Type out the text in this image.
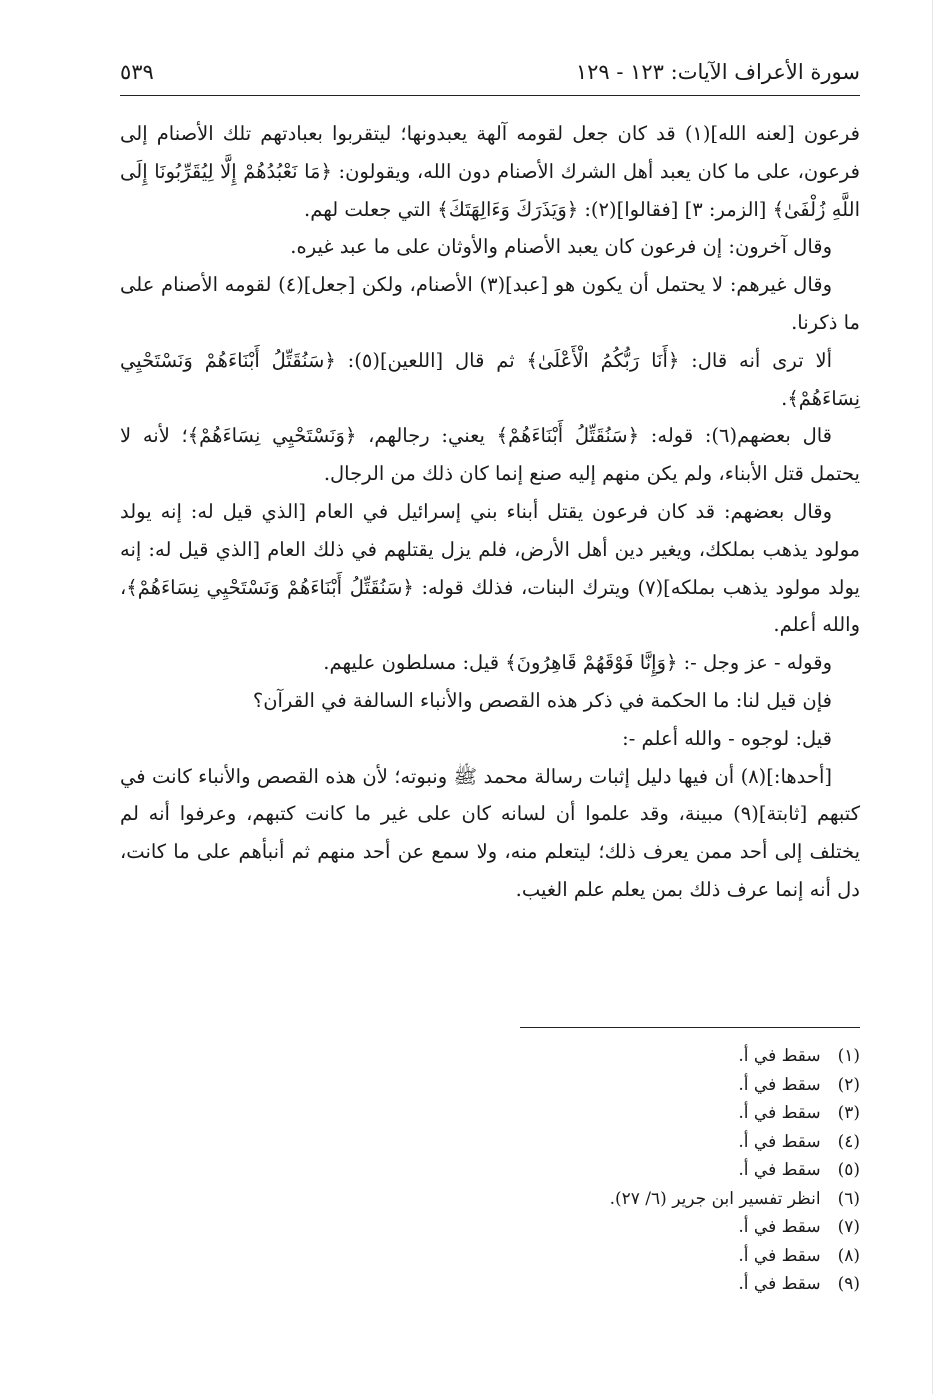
سورة الأعراف الآيات: ١٢٣ - ١٢٩
٥٣٩

فرعون [لعنه الله](١) قد كان جعل لقومه آلهة يعبدونها؛ ليتقربوا بعبادتهم تلك الأصنام إلى فرعون، على ما كان يعبد أهل الشرك الأصنام دون الله، ويقولون: ﴿مَا نَعْبُدُهُمْ إِلَّا لِيُقَرِّبُونَا إِلَى اللَّهِ زُلْفَىٰ﴾ [الزمر: ٣] [فقالوا](٢): ﴿وَيَذَرَكَ وَءَالِهَتَكَ﴾ التي جعلت لهم.

وقال آخرون: إن فرعون كان يعبد الأصنام والأوثان على ما عبد غيره.

وقال غيرهم: لا يحتمل أن يكون هو [عبد](٣) الأصنام، ولكن [جعل](٤) لقومه الأصنام على ما ذكرنا.

ألا ترى أنه قال: ﴿أَنَا رَبُّكُمُ الْأَعْلَىٰ﴾ ثم قال [اللعين](٥): ﴿سَنُقَتِّلُ أَبْنَاءَهُمْ وَنَسْتَحْيِي نِسَاءَهُمْ﴾.

قال بعضهم(٦): قوله: ﴿سَنُقَتِّلُ أَبْنَاءَهُمْ﴾ يعني: رجالهم، ﴿وَنَسْتَحْيِي نِسَاءَهُمْ﴾؛ لأنه لا يحتمل قتل الأبناء، ولم يكن منهم إليه صنع إنما كان ذلك من الرجال.

وقال بعضهم: قد كان فرعون يقتل أبناء بني إسرائيل في العام [الذي قيل له: إنه يولد مولود يذهب بملكك، ويغير دين أهل الأرض، فلم يزل يقتلهم في ذلك العام [الذي قيل له: إنه يولد مولود يذهب بملكه](٧) ويترك البنات، فذلك قوله: ﴿سَنُقَتِّلُ أَبْنَاءَهُمْ وَنَسْتَحْيِي نِسَاءَهُمْ﴾، والله أعلم.

وقوله - عز وجل -: ﴿وَإِنَّا فَوْقَهُمْ قَاهِرُونَ﴾ قيل: مسلطون عليهم.

فإن قيل لنا: ما الحكمة في ذكر هذه القصص والأنباء السالفة في القرآن؟

قيل: لوجوه - والله أعلم -:

[أحدها:](٨) أن فيها دليل إثبات رسالة محمد ﷺ ونبوته؛ لأن هذه القصص والأنباء كانت في كتبهم [ثابتة](٩) مبينة، وقد علموا أن لسانه كان على غير ما كانت كتبهم، وعرفوا أنه لم يختلف إلى أحد ممن يعرف ذلك؛ ليتعلم منه، ولا سمع عن أحد منهم ثم أنبأهم على ما كانت، دل أنه إنما عرف ذلك بمن يعلم علم الغيب.

(١) سقط في أ.

(٢) سقط في أ.

(٣) سقط في أ.

(٤) سقط في أ.

(٥) سقط في أ.

(٦) انظر تفسير ابن جرير (٦/ ٢٧).

(٧) سقط في أ.

(٨) سقط في أ.

(٩) سقط في أ.
